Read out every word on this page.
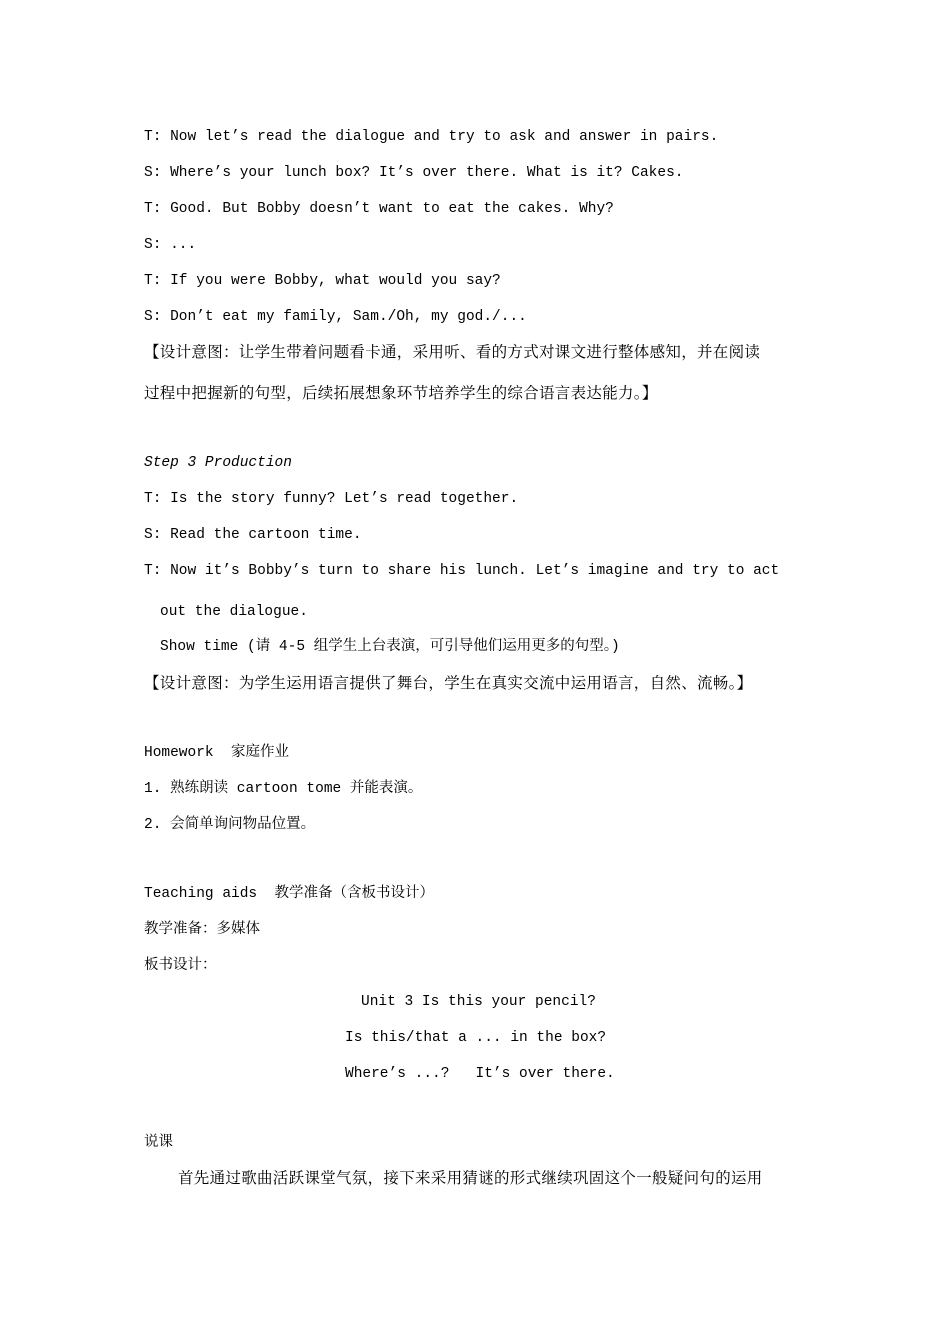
T: Now let’s read the dialogue and try to ask and answer in pairs.
S: Where’s your lunch box? It’s over there. What is it? Cakes.
T: Good. But Bobby doesn’t want to eat the cakes. Why?
S: ...
T: If you were Bobby, what would you say?
S: Don’t eat my family, Sam./Oh, my god./...
【设计意图：让学生带着问题看卡通，采用听、看的方式对课文进行整体感知，并在阅读
过程中把握新的句型，后续拓展想象环节培养学生的综合语言表达能力。】
Step 3 Production
T: Is the story funny? Let’s read together.
S: Read the cartoon time.
T: Now it’s Bobby’s turn to share his lunch. Let’s imagine and try to act
out the dialogue.
Show time (请 4-5 组学生上台表演，可引导他们运用更多的句型。)
【设计意图：为学生运用语言提供了舞台，学生在真实交流中运用语言，自然、流畅。】
Homework  家庭作业
1. 熟练朗读 cartoon tome 并能表演。
2. 会简单询问物品位置。
Teaching aids  教学准备（含板书设计）
教学准备：多媒体
板书设计：
Unit 3 Is this your pencil?
Is this/that a ... in the box?
Where’s ...?   It’s over there.
说课
首先通过歌曲活跃课堂气氛，接下来采用猜谜的形式继续巩固这个一般疑问句的运用
